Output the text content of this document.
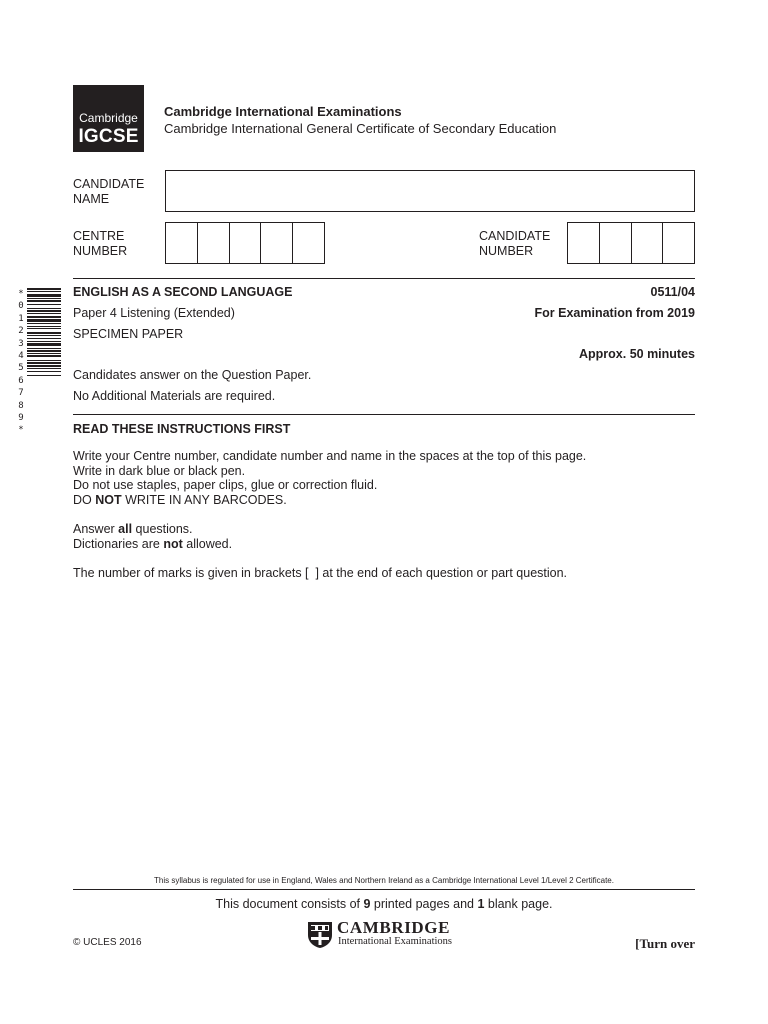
Cambridge
IGCSE
Cambridge International Examinations
Cambridge International General Certificate of Secondary Education
CANDIDATE
NAME
CENTRE
NUMBER
CANDIDATE
NUMBER
*
0
1
2
3
4
5
6
7
8
9
*
ENGLISH AS A SECOND LANGUAGE	0511/04
Paper 4 Listening (Extended)	For Examination from 2019
SPECIMEN PAPER
Approx. 50 minutes
Candidates answer on the Question Paper.
No Additional Materials are required.
READ THESE INSTRUCTIONS FIRST
Write your Centre number, candidate number and name in the spaces at the top of this page.
Write in dark blue or black pen.
Do not use staples, paper clips, glue or correction fluid.
DO NOT WRITE IN ANY BARCODES.
Answer all questions.
Dictionaries are not allowed.
The number of marks is given in brackets [  ] at the end of each question or part question.
This syllabus is regulated for use in England, Wales and Northern Ireland as a Cambridge International Level 1/Level 2 Certificate.
This document consists of 9 printed pages and 1 blank page.
© UCLES 2016
CAMBRIDGE
International Examinations	[Turn over
